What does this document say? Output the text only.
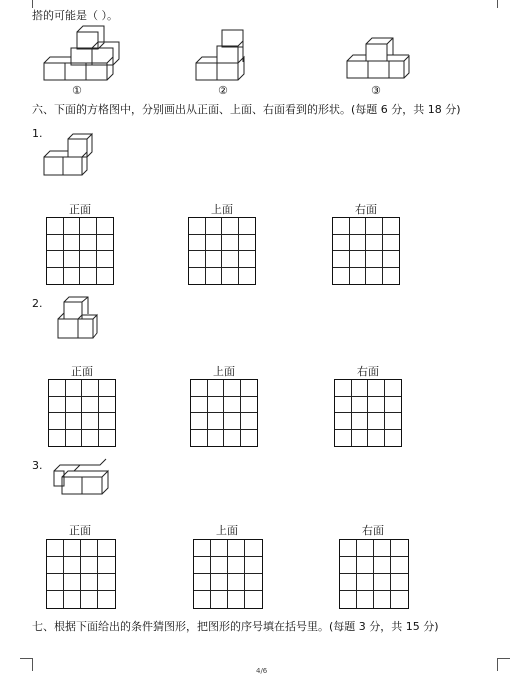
搭的可能是（ ）。
①	②	③
六、下面的方格图中，分别画出从正面、上面、右面看到的形状。(每题 6 分，共 18 分)
1.
正面	上面	右面
2.
正面	上面	右面
3.
正面	上面	右面
七、根据下面给出的条件猜图形，把图形的序号填在括号里。(每题 3 分，共 15 分)
4/6
